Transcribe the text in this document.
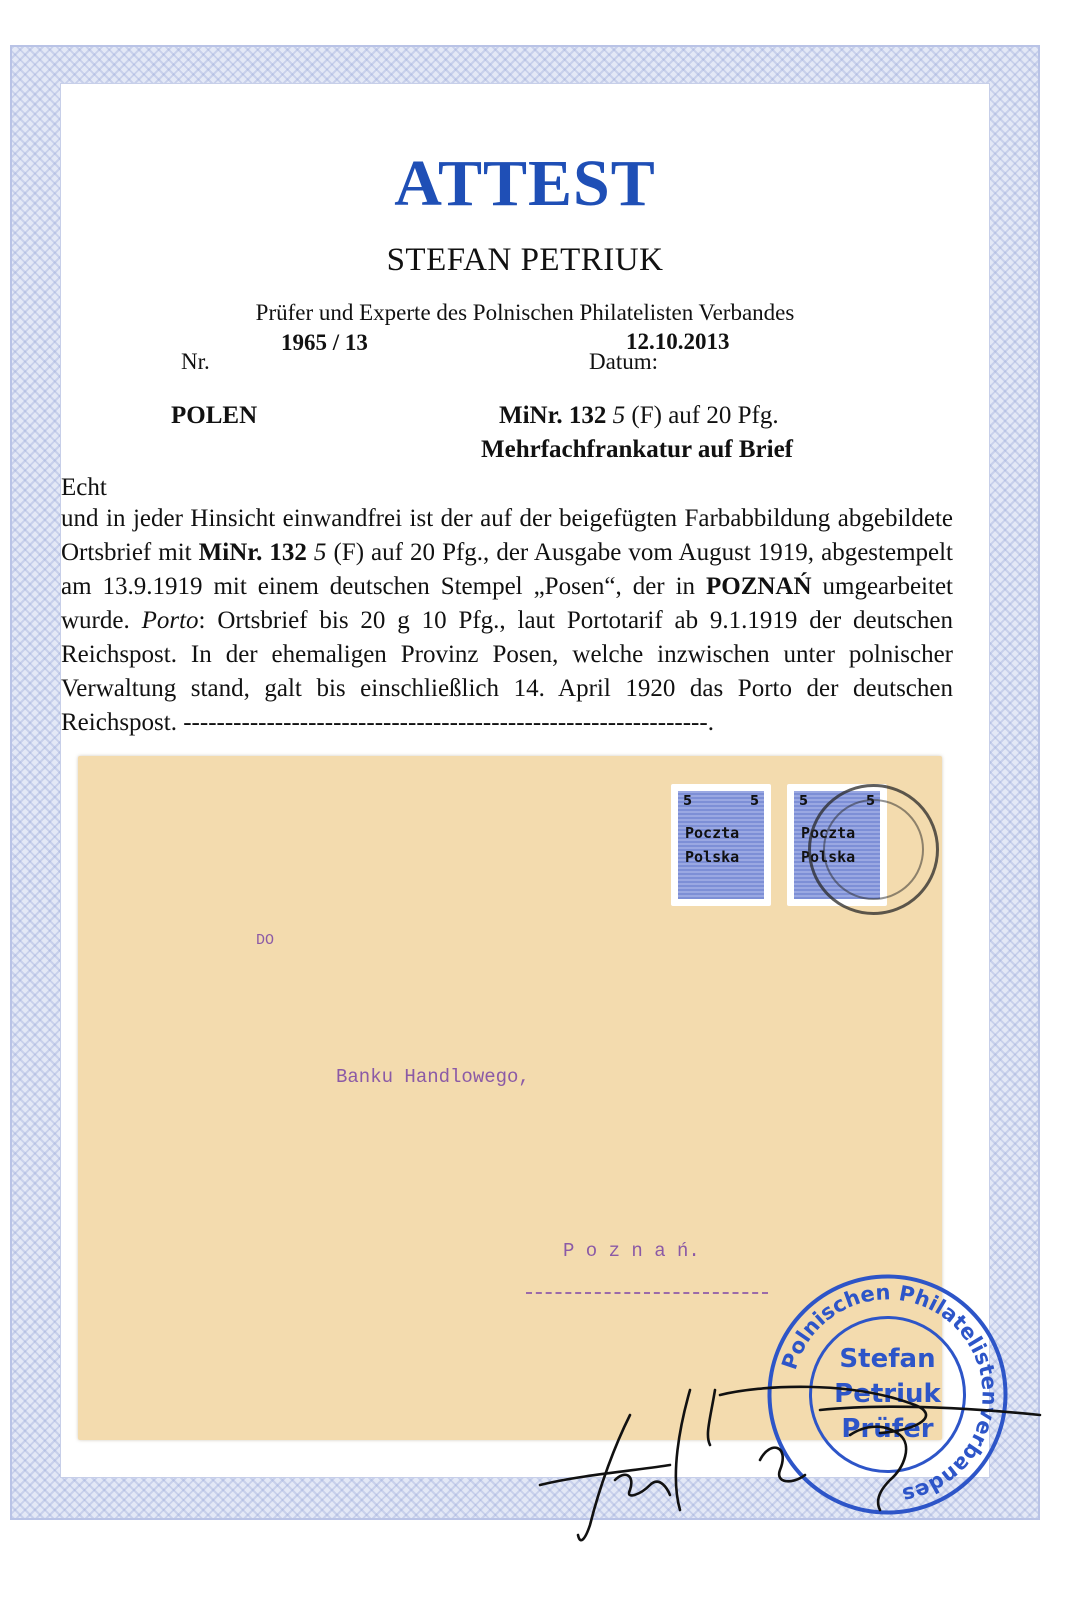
ATTEST
STEFAN PETRIUK
Prüfer und Experte des Polnischen Philatelisten Verbandes
Nr.
1965 / 13
Datum:
12.10.2013
POLEN	MiNr. 132 5 (F) auf 20 Pfg.
Mehrfachfrankatur auf Brief
Echt
und in jeder Hinsicht einwandfrei ist der auf der beigefügten Farbabbildung abgebildete Ortsbrief mit MiNr. 132 5 (F) auf 20 Pfg., der Ausgabe vom August 1919, abgestempelt am 13.9.1919 mit einem deutschen Stempel „Posen“, der in POZNAŃ umgearbeitet wurde. Porto: Ortsbrief bis 20 g 10 Pfg., laut Portotarif ab 9.1.1919 der deutschen Reichspost. In der ehemaligen Provinz Posen, welche inzwischen unter polnischer Verwaltung stand, galt bis einschließlich 14. April 1920 das Porto der deutschen Reichspost. ---------------------------------------------------------------.
5	5
Poczta
Polska
5	5
Poczta
Polska
DO
Banku Handlowego,
P o z n a ń.
Polnischen Philatelistenverbandes
Stefan
Petriuk
Prüfer
